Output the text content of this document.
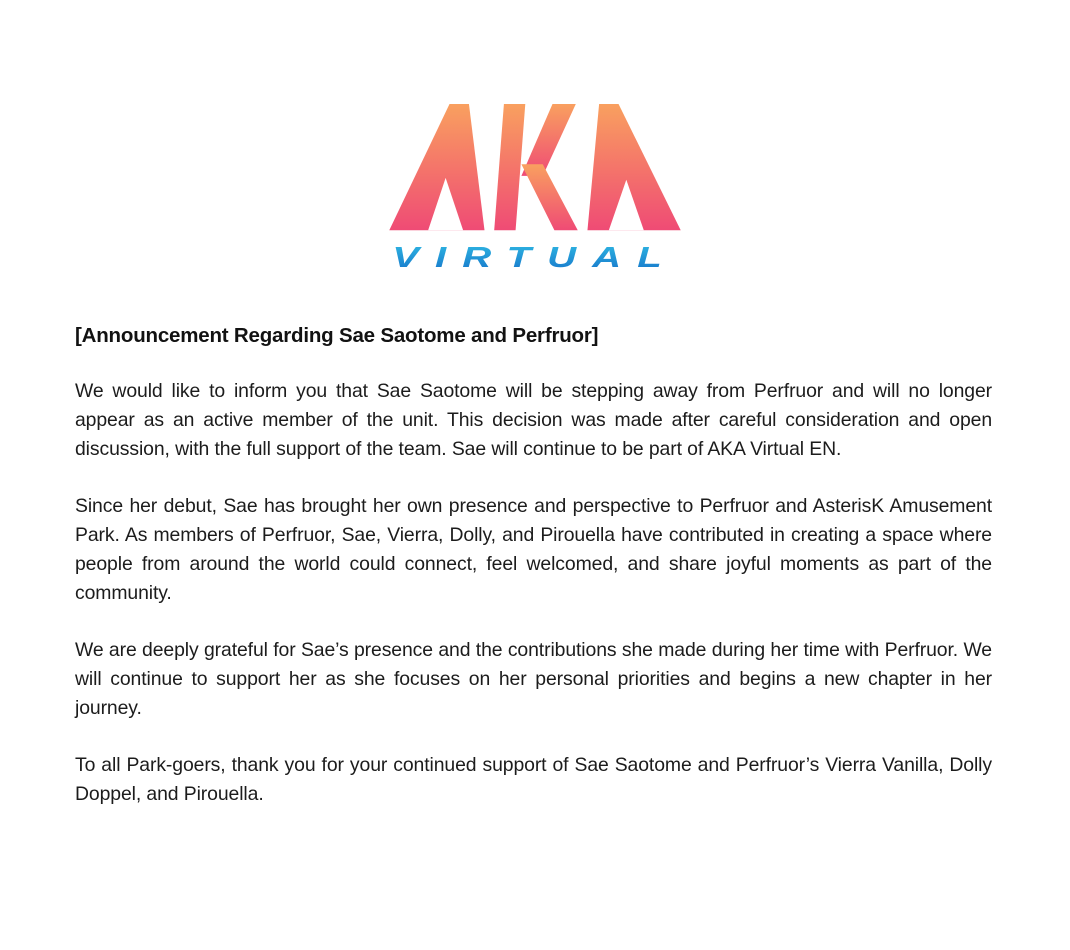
VIRTUAL
[Announcement Regarding Sae Saotome and Perfruor]

We would like to inform you that Sae Saotome will be stepping away from Perfruor and will no longer appear as an active member of the unit. This decision was made after careful consideration and open discussion, with the full support of the team. Sae will continue to be part of AKA Virtual EN.

Since her debut, Sae has brought her own presence and perspective to Perfruor and AsterisK Amusement Park. As members of Perfruor, Sae, Vierra, Dolly, and Pirouella have contributed in creating a space where people from around the world could connect, feel welcomed, and share joyful moments as part of the community.

We are deeply grateful for Sae’s presence and the contributions she made during her time with Perfruor. We will continue to support her as she focuses on her personal priorities and begins a new chapter in her journey.

To all Park-goers, thank you for your continued support of Sae Saotome and Perfruor’s Vierra Vanilla, Dolly Doppel, and Pirouella.
